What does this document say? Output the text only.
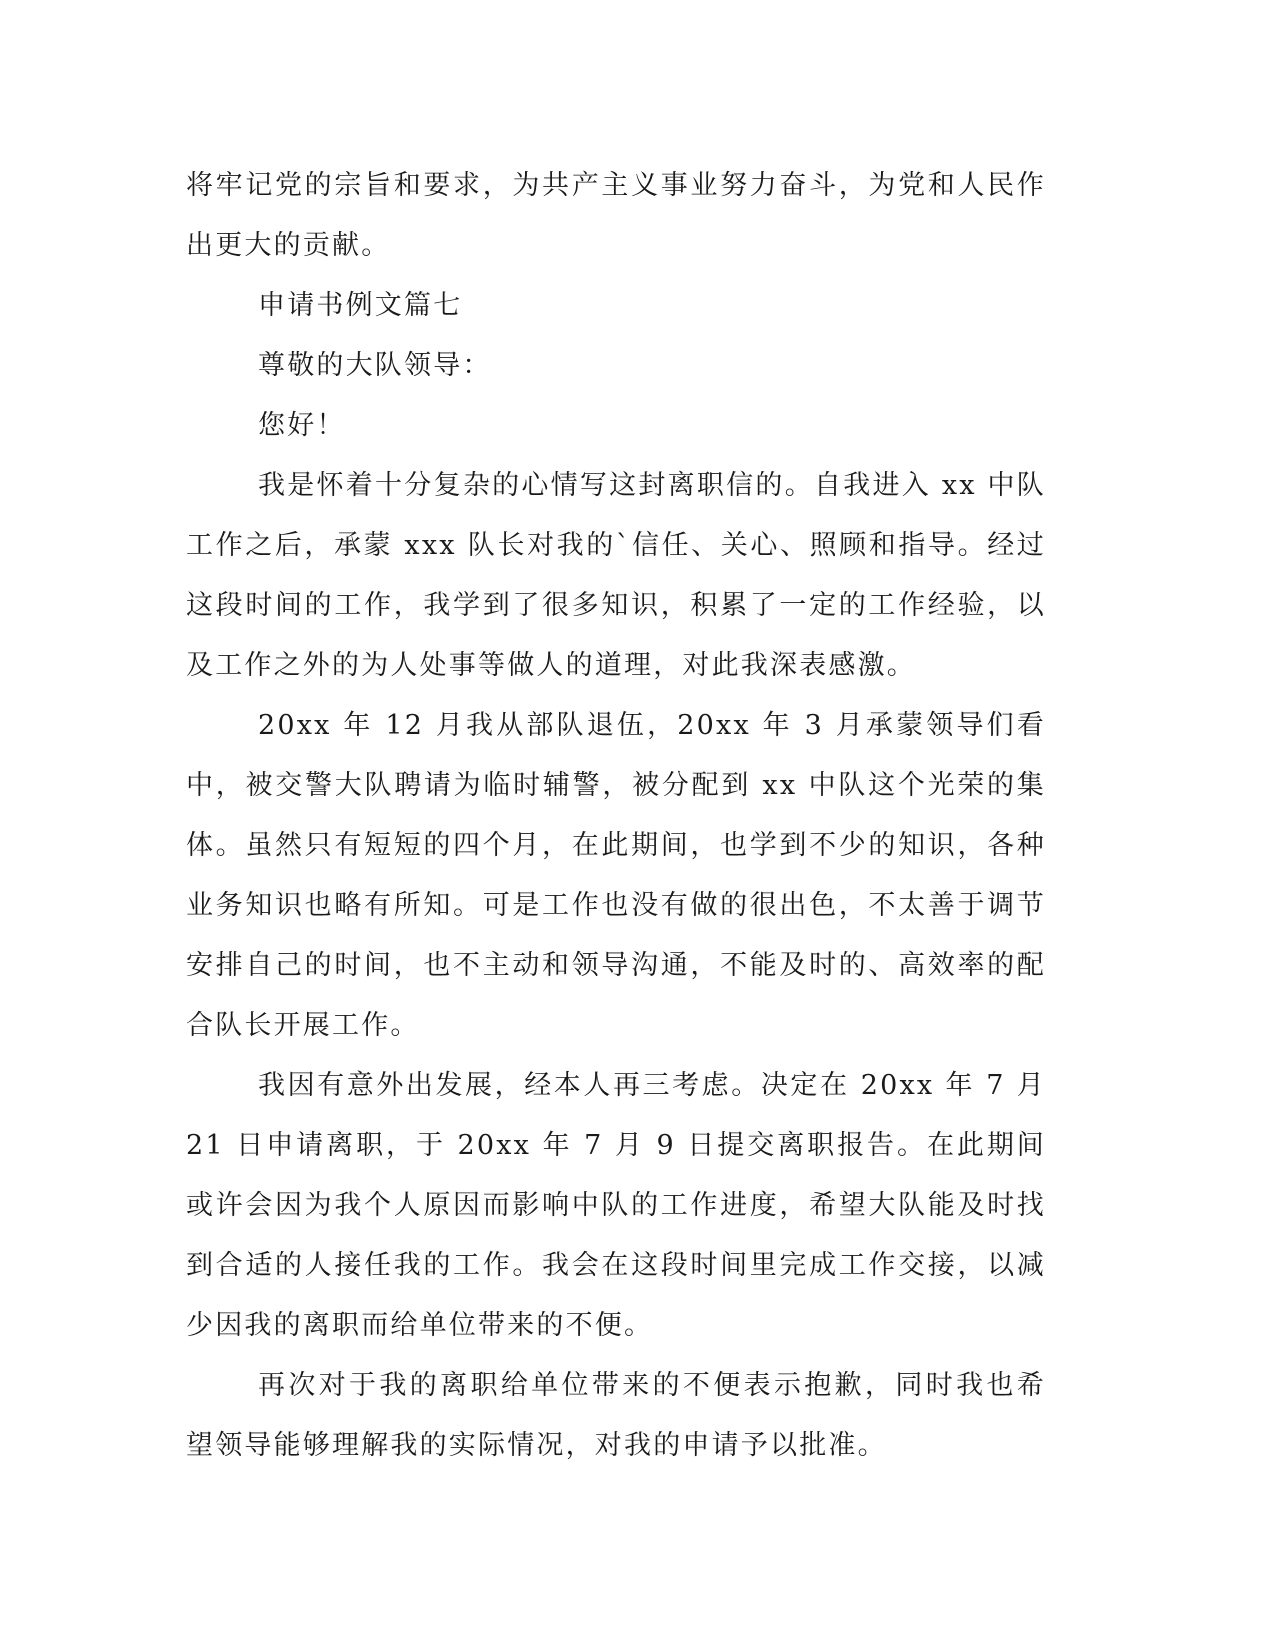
将牢记党的宗旨和要求，为共产主义事业努力奋斗，为党和人民作出更大的贡献。

申请书例文篇七

尊敬的大队领导：

您好！

我是怀着十分复杂的心情写这封离职信的。自我进入 xx 中队工作之后，承蒙 xxx 队长对我的`信任、关心、照顾和指导。经过这段时间的工作，我学到了很多知识，积累了一定的工作经验，以及工作之外的为人处事等做人的道理，对此我深表感激。

20xx 年 12 月我从部队退伍，20xx 年 3 月承蒙领导们看中，被交警大队聘请为临时辅警，被分配到 xx 中队这个光荣的集体。虽然只有短短的四个月，在此期间，也学到不少的知识，各种业务知识也略有所知。可是工作也没有做的很出色，不太善于调节安排自己的时间，也不主动和领导沟通，不能及时的、高效率的配合队长开展工作。

我因有意外出发展，经本人再三考虑。决定在 20xx 年 7 月 21 日申请离职，于 20xx 年 7 月 9 日提交离职报告。在此期间或许会因为我个人原因而影响中队的工作进度，希望大队能及时找到合适的人接任我的工作。我会在这段时间里完成工作交接，以减少因我的离职而给单位带来的不便。

再次对于我的离职给单位带来的不便表示抱歉，同时我也希望领导能够理解我的实际情况，对我的申请予以批准。
